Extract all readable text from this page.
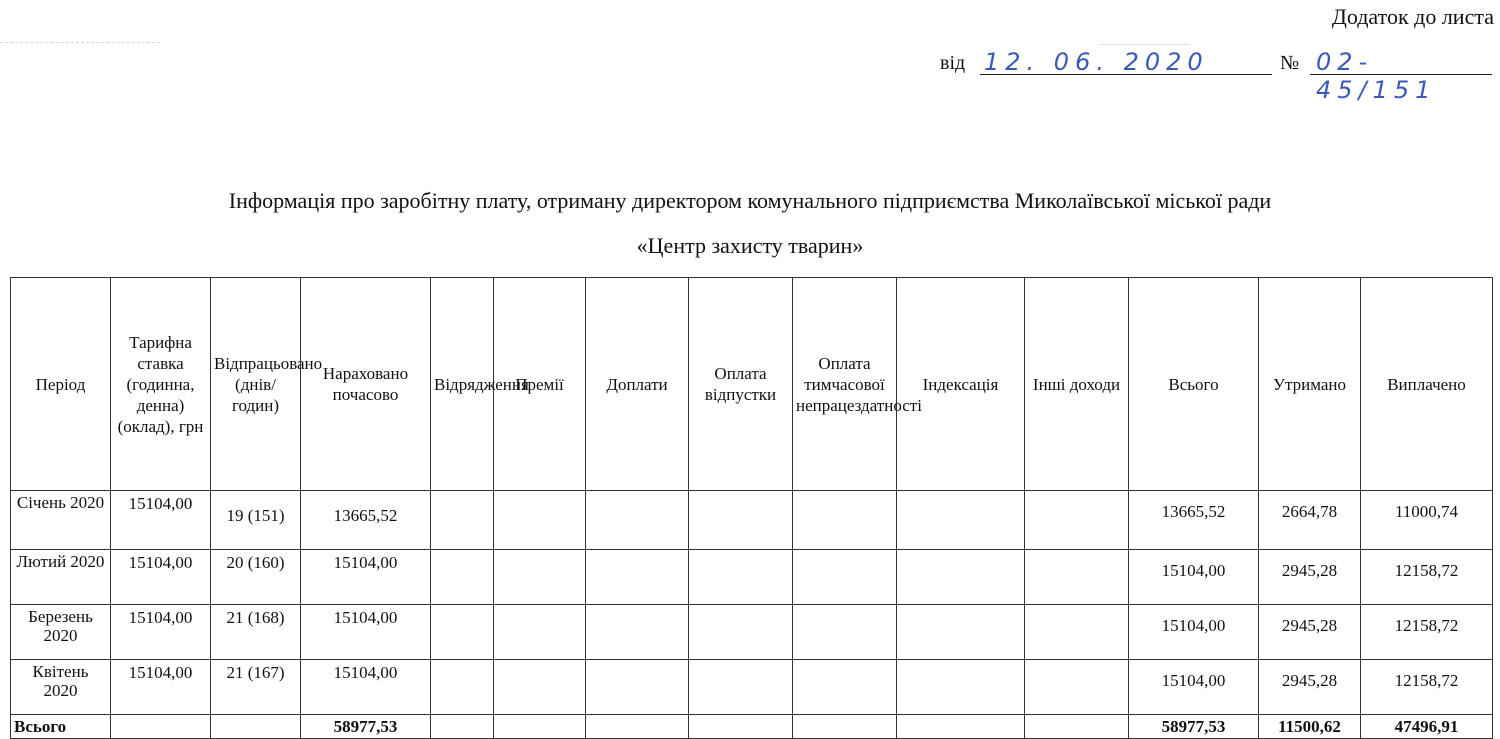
Додаток до листа
від 12. 06. 2020	№ 02-45/151
Інформація про заробітну плату, отриману директором комунального підприємства Миколаївської міської ради
«Центр захисту тварин»
Період	Тарифна ставка (годинна, денна) (оклад), грн	Відпрацьовано (днів/годин)	Нараховано почасово	Відрядження	Премії	Доплати	Оплата відпустки	Оплата тимчасової непрацездатності	Індексація	Інші доходи	Всього	Утримано	Виплачено
Січень 2020	15104,00	19 (151)	13665,52								13665,52	2664,78	11000,74
Лютий 2020	15104,00	20 (160)	15104,00								15104,00	2945,28	12158,72
Березень 2020	15104,00	21 (168)	15104,00								15104,00	2945,28	12158,72
Квітень 2020	15104,00	21 (167)	15104,00								15104,00	2945,28	12158,72
Всього			58977,53								58977,53	11500,62	47496,91
